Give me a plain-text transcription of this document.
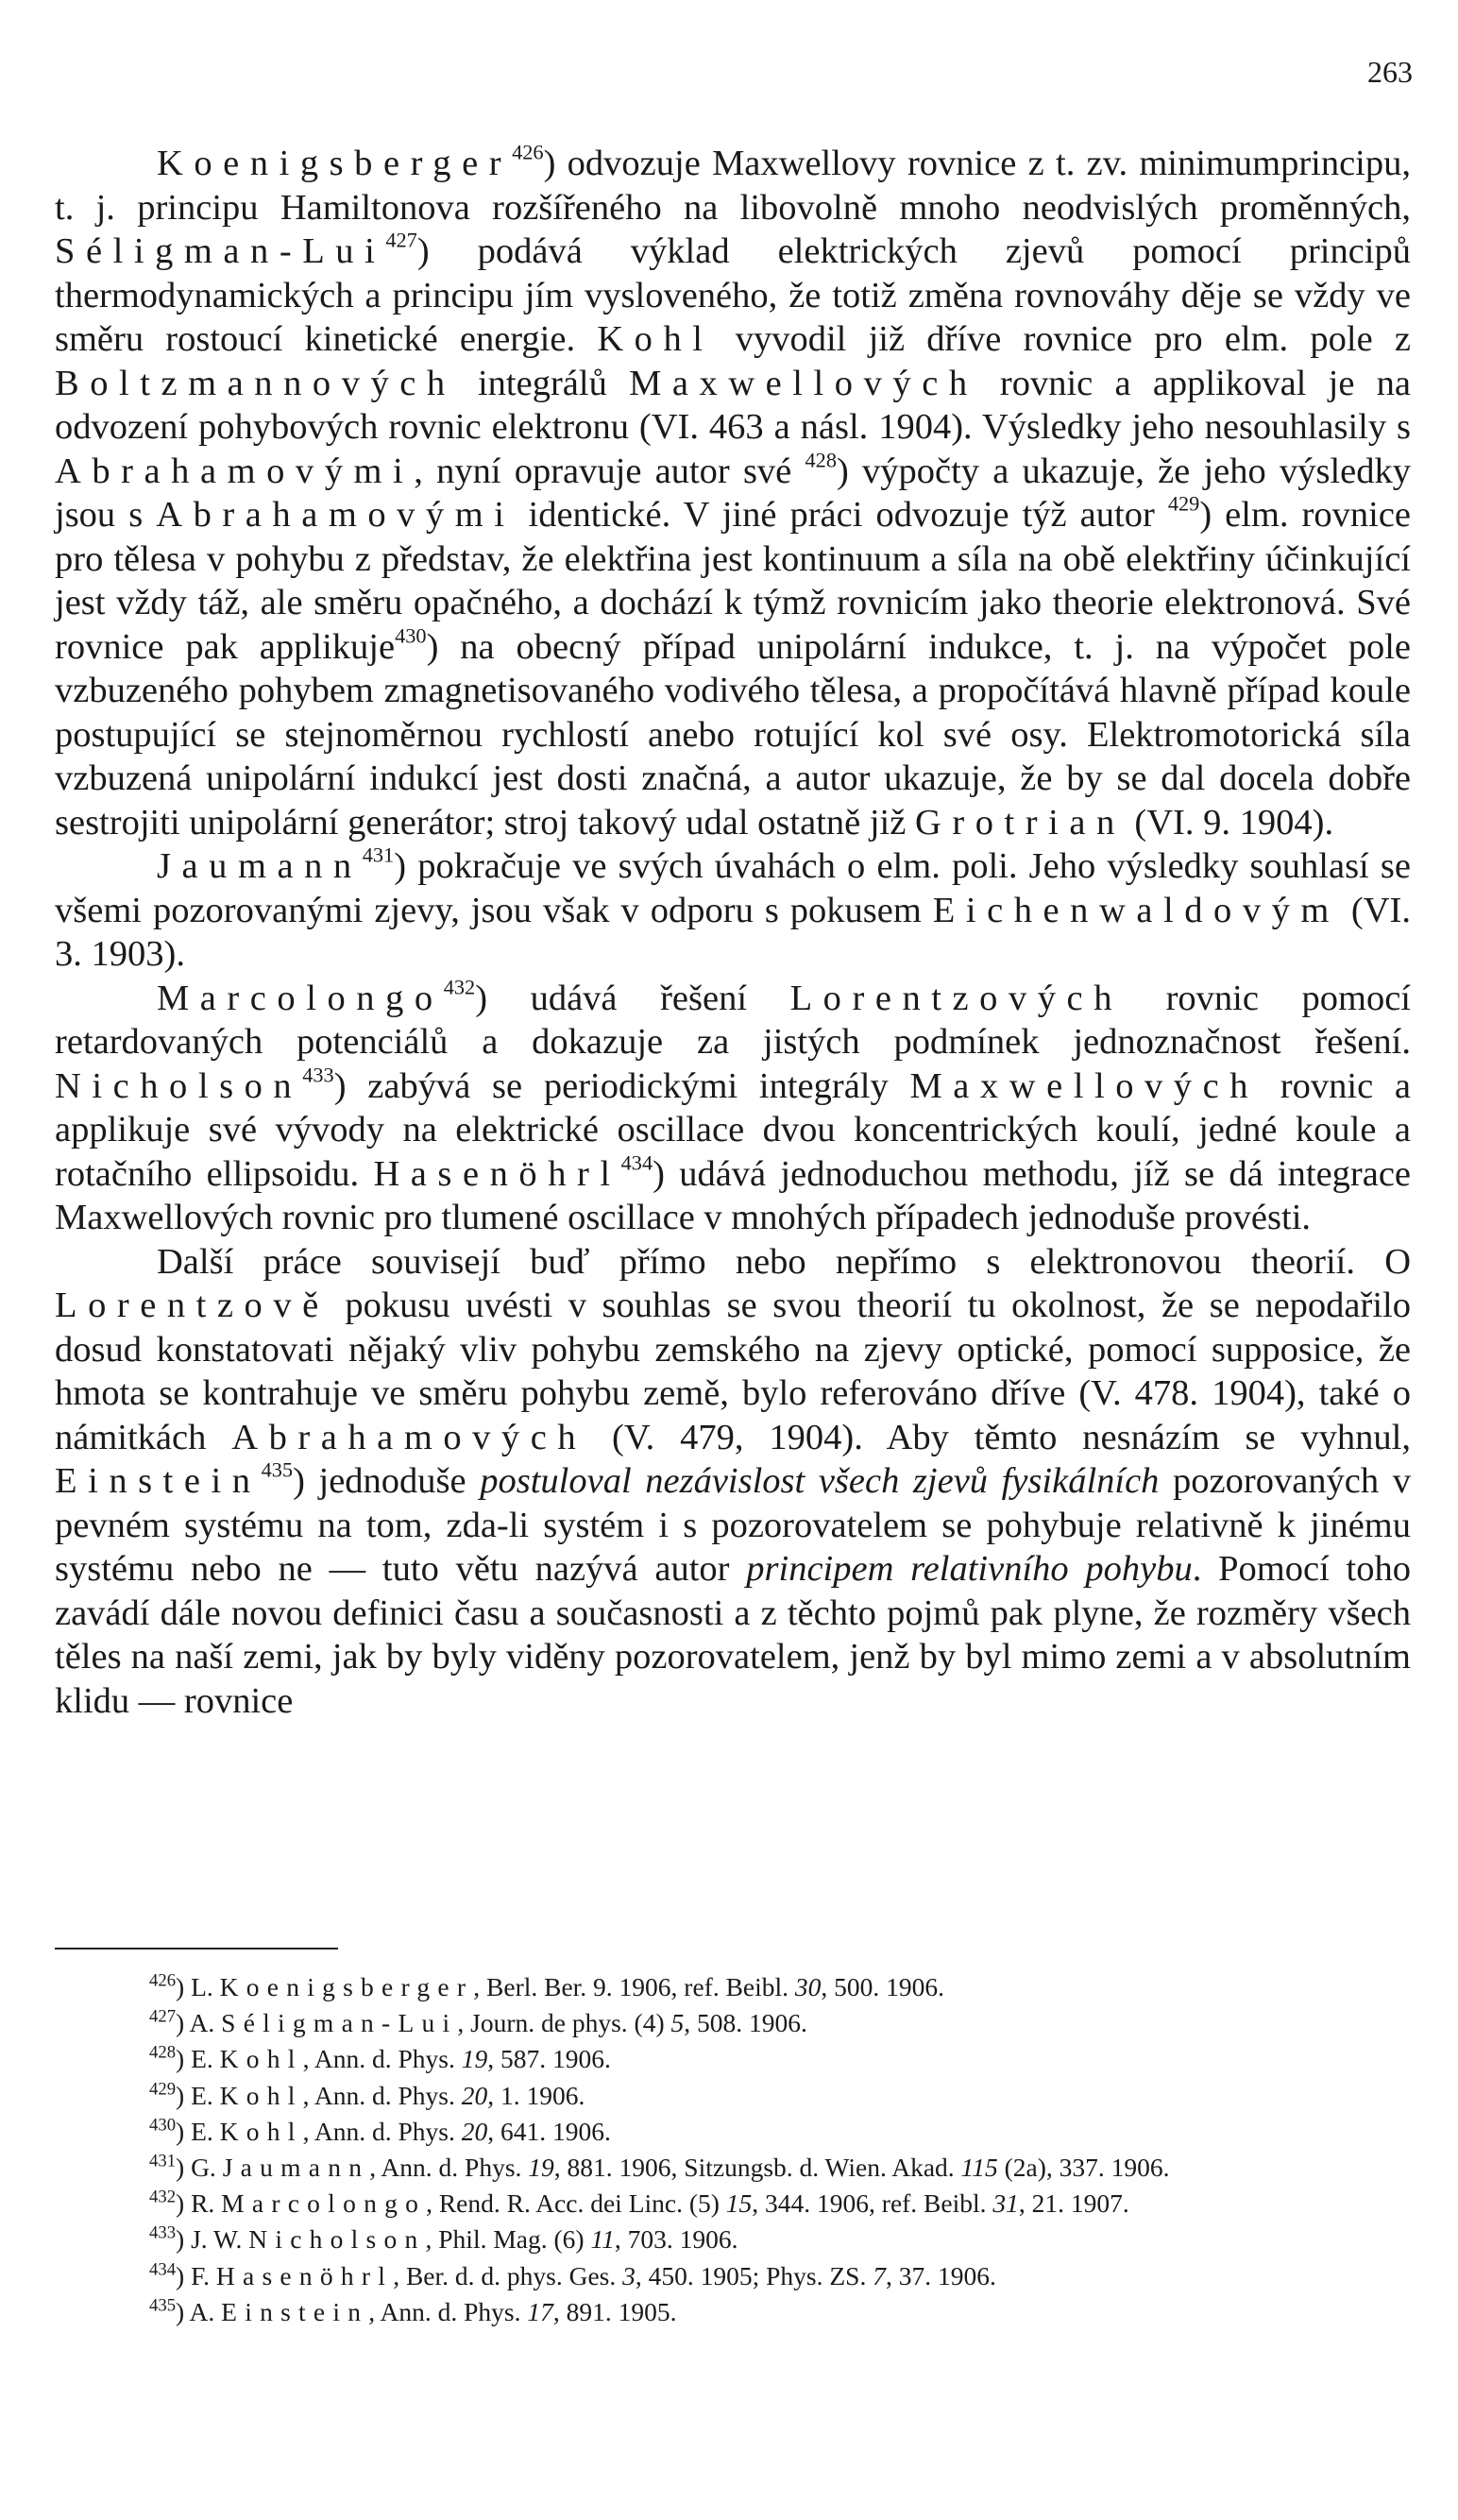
263

Koenigsberger$^{426}$) odvozuje Maxwellovy rovnice z t. zv. minimumprincipu, t. j. principu Hamiltonova rozšířeného na libovolně mnoho neodvislých proměnných, Séligman-Lui$^{427}$) podává výklad elektrických zjevů pomocí principů thermodynamických a principu jím vysloveného, že totiž změna rovnováhy děje se vždy ve směru rostoucí kinetické energie. Kohl vyvodil již dříve rovnice pro elm. pole z Boltzmannových integrálů Maxwellových rovnic a applikoval je na odvození pohybových rovnic elektronu (VI. 463 a násl. 1904). Výsledky jeho nesouhlasily s Abrahamovými, nyní opravuje autor své $^{428}$) výpočty a ukazuje, že jeho výsledky jsou s Abrahamovými identické. V jiné práci odvozuje týž autor $^{429}$) elm. rovnice pro tělesa v pohybu z představ, že elektřina jest kontinuum a síla na obě elektřiny účinkující jest vždy táž, ale směru opačného, a dochází k týmž rovnicím jako theorie elektronová. Své rovnice pak applikuje$^{430}$) na obecný případ unipolární indukce, t. j. na výpočet pole vzbuzeného pohybem zmagnetisovaného vodivého tělesa, a propočítává hlavně případ koule postupující se stejnoměrnou rychlostí anebo rotující kol své osy. Elektromotorická síla vzbuzená unipolární indukcí jest dosti značná, a autor ukazuje, že by se dal docela dobře sestrojiti unipolární generátor; stroj takový udal ostatně již Grotrian (VI. 9. 1904).

Jaumann$^{431}$) pokračuje ve svých úvahách o elm. poli. Jeho výsledky souhlasí se všemi pozorovanými zjevy, jsou však v odporu s pokusem Eichenwaldovým (VI. 3. 1903).

Marcolongo$^{432}$) udává řešení Lorentzových rovnic pomocí retardovaných potenciálů a dokazuje za jistých podmínek jednoznačnost řešení. Nicholson$^{433}$) zabývá se periodickými integrály Maxwellových rovnic a applikuje své vývody na elektrické oscillace dvou koncentrických koulí, jedné koule a rotačního ellipsoidu. Hasenöhrl$^{434}$) udává jednoduchou methodu, jíž se dá integrace Maxwellových rovnic pro tlumené oscillace v mnohých případech jednoduše provésti.

Další práce souvisejí buď přímo nebo nepřímo s elektronovou theorií. O Lorentzově pokusu uvésti v souhlas se svou theorií tu okolnost, že se nepodařilo dosud konstatovati nějaký vliv pohybu zemského na zjevy optické, pomocí supposice, že hmota se kontrahuje ve směru pohybu země, bylo referováno dříve (V. 478. 1904), také o námitkách Abrahamových (V. 479, 1904). Aby těmto nesnázím se vyhnul, Einstein$^{435}$) jednoduše postuloval nezávislost všech zjevů fysikálních pozorovaných v pevném systému na tom, zda-li systém i s pozorovatelem se pohybuje relativně k jinému systému nebo ne — tuto větu nazývá autor principem relativního pohybu. Pomocí toho zavádí dále novou definici času a současnosti a z těchto pojmů pak plyne, že rozměry všech těles na naší zemi, jak by byly viděny pozorovatelem, jenž by byl mimo zemi a v absolutním klidu — rovnice

$^{426}$) L. Koenigsberger, Berl. Ber. 9. 1906, ref. Beibl. 30, 500. 1906.

$^{427}$) A. Séligman-Lui, Journ. de phys. (4) 5, 508. 1906.

$^{428}$) E. Kohl, Ann. d. Phys. 19, 587. 1906.

$^{429}$) E. Kohl, Ann. d. Phys. 20, 1. 1906.

$^{430}$) E. Kohl, Ann. d. Phys. 20, 641. 1906.

$^{431}$) G. Jaumann, Ann. d. Phys. 19, 881. 1906, Sitzungsb. d. Wien. Akad. 115 (2a), 337. 1906.

$^{432}$) R. Marcolongo, Rend. R. Acc. dei Linc. (5) 15, 344. 1906, ref. Beibl. 31, 21. 1907.

$^{433}$) J. W. Nicholson, Phil. Mag. (6) 11, 703. 1906.

$^{434}$) F. Hasenöhrl, Ber. d. d. phys. Ges. 3, 450. 1905; Phys. ZS. 7, 37. 1906.

$^{435}$) A. Einstein, Ann. d. Phys. 17, 891. 1905.
